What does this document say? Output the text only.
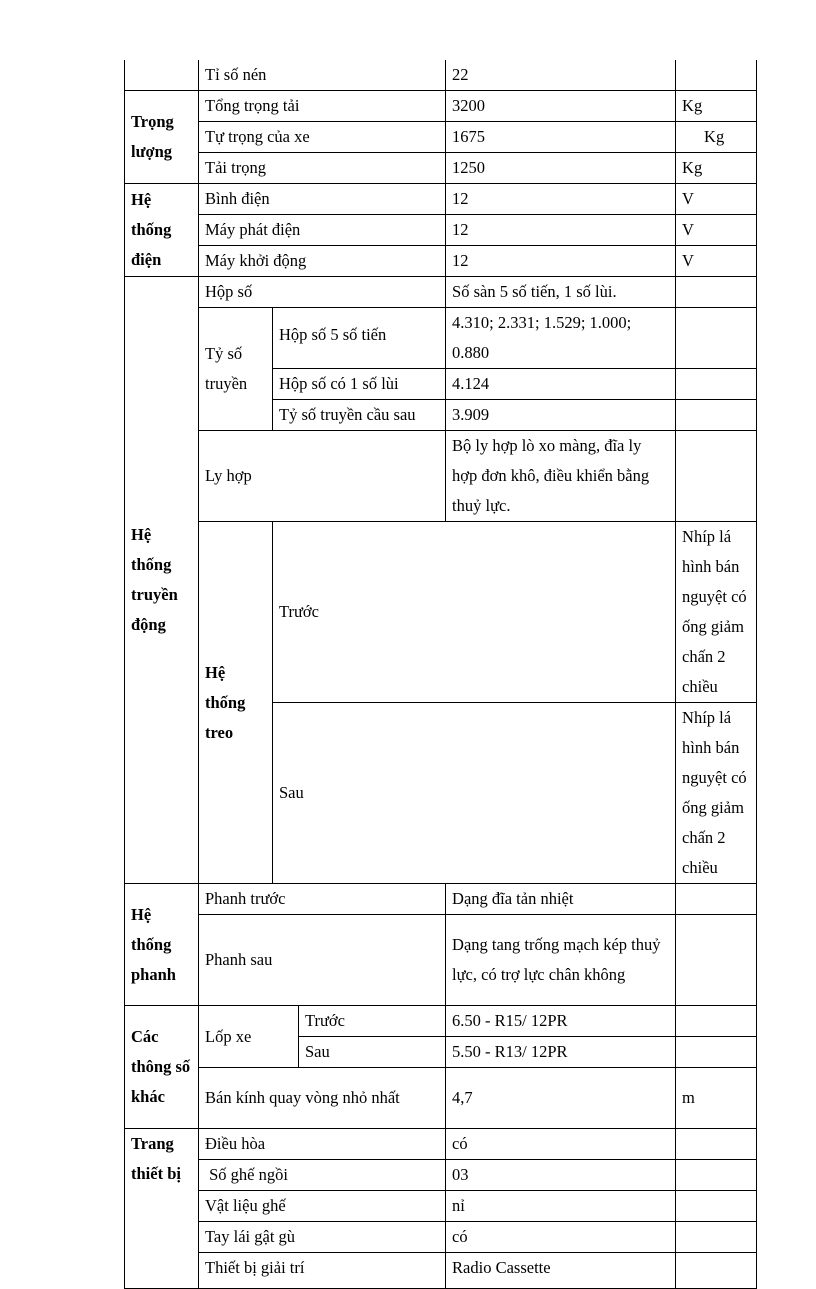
	Tỉ số nén			22		
Trọng lượng	Tổng trọng tải			3200	Kg	
	Tự trọng của xe			1675	Kg	
	Tải trọng			1250	Kg	
Hệ thống điện	Bình điện			12	V	
	Máy phát điện			12	V	
	Máy khởi động			12	V	
Hệ thống truyền động	Hộp số			Số sàn 5 số tiến, 1 số lùi.		
	Tỷ số truyền	Hộp số 5 số tiến		4.310; 2.331; 1.529; 1.000; 0.880		
		Hộp số có 1 số lùi		4.124		
		Tỷ số truyền cầu sau		3.909		
	Ly hợp			Bộ ly hợp lò xo màng, đĩa ly hợp đơn khô, điều khiển bằng thuỷ lực.		
	Hệ thống treo	Trước			Nhíp lá hình bán nguyệt có ống giảm chấn 2 chiều	
		Sau			Nhíp lá hình bán nguyệt có ống giảm chấn 2 chiều	
Hệ thống phanh	Phanh trước			Dạng đĩa tản nhiệt		
	Phanh sau			Dạng tang trống mạch kép thuỷ lực, có trợ lực chân không		
Các thông số khác	Lốp xe		Trước	6.50 - R15/ 12PR		
			Sau	5.50 - R13/ 12PR		
	Bán kính quay vòng nhỏ nhất			4,7	m	
Trang thiết bị	Điều hòa			có		
	Số ghế ngồi			03		
	Vật liệu ghế			nỉ		
	Tay lái gật gù			có		
	Thiết bị giải trí			Radio Cassette		
